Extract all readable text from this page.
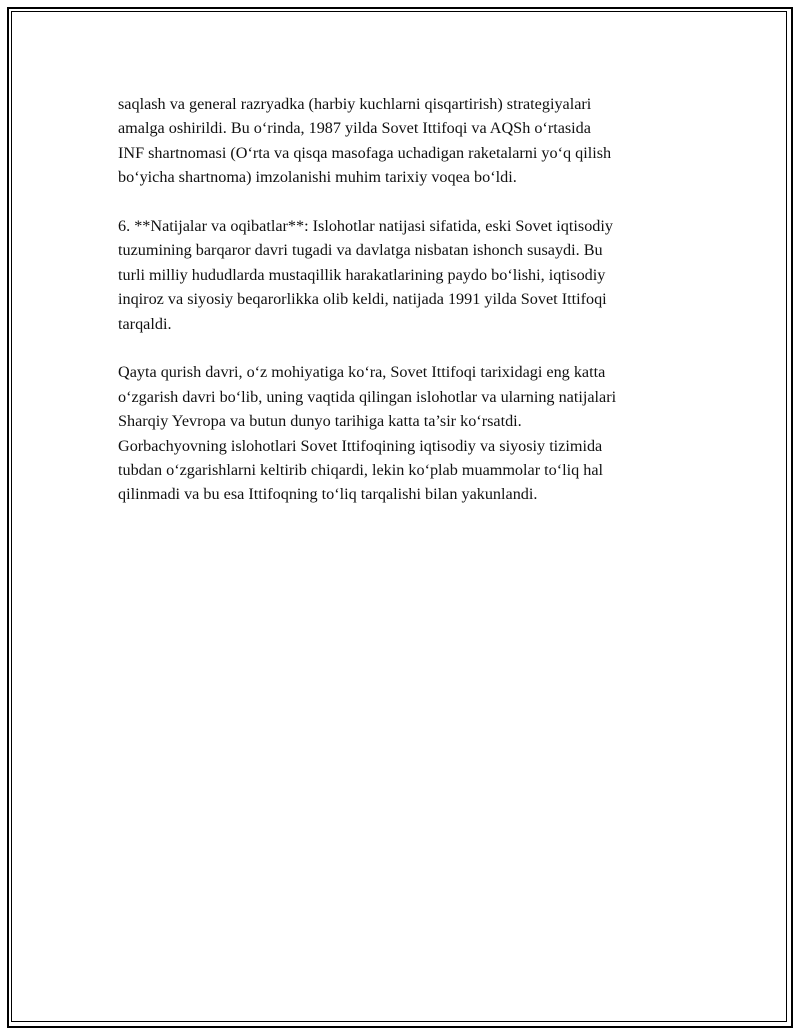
saqlash va general razryadka (harbiy kuchlarni qisqartirish) strategiyalari
amalga oshirildi. Bu o‘rinda, 1987 yilda Sovet Ittifoqi va AQSh o‘rtasida
INF shartnomasi (O‘rta va qisqa masofaga uchadigan raketalarni yo‘q qilish
bo‘yicha shartnoma) imzolanishi muhim tarixiy voqea bo‘ldi.

6. **Natijalar va oqibatlar**: Islohotlar natijasi sifatida, eski Sovet iqtisodiy
tuzumining barqaror davri tugadi va davlatga nisbatan ishonch susaydi. Bu
turli milliy hududlarda mustaqillik harakatlarining paydo bo‘lishi, iqtisodiy
inqiroz va siyosiy beqarorlikka olib keldi, natijada 1991 yilda Sovet Ittifoqi
tarqaldi.

Qayta qurish davri, o‘z mohiyatiga ko‘ra, Sovet Ittifoqi tarixidagi eng katta
o‘zgarish davri bo‘lib, uning vaqtida qilingan islohotlar va ularning natijalari
Sharqiy Yevropa va butun dunyo tarihiga katta ta’sir ko‘rsatdi.
Gorbachyovning islohotlari Sovet Ittifoqining iqtisodiy va siyosiy tizimida
tubdan o‘zgarishlarni keltirib chiqardi, lekin ko‘plab muammolar to‘liq hal
qilinmadi va bu esa Ittifoqning to‘liq tarqalishi bilan yakunlandi.
